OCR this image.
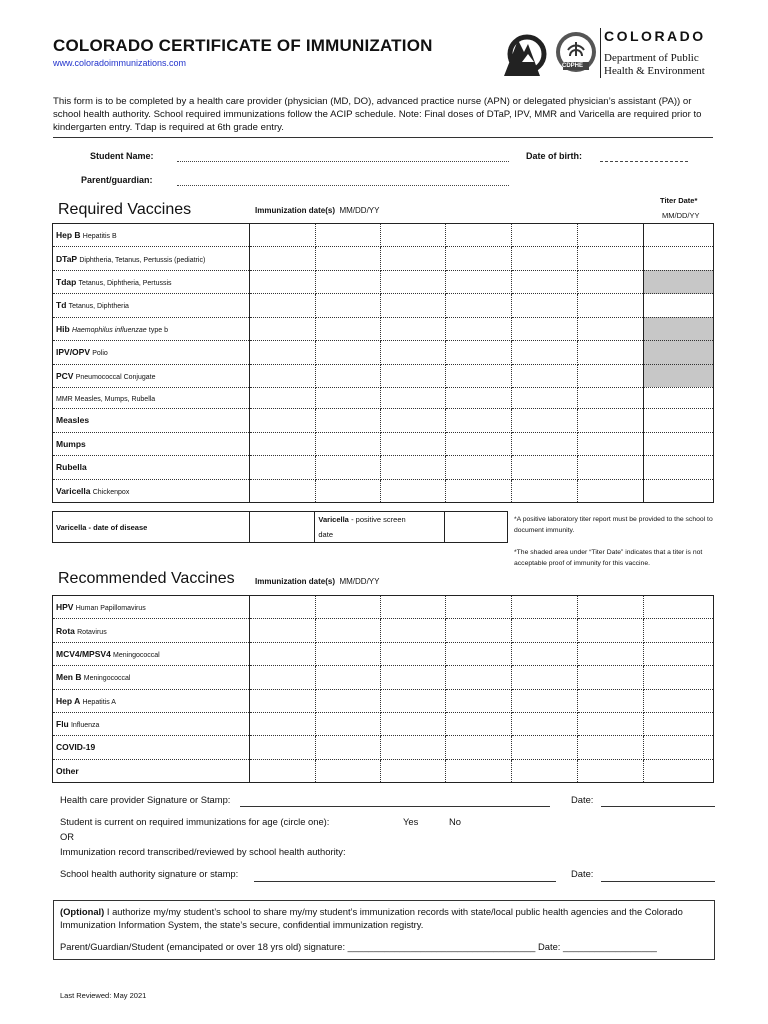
COLORADO CERTIFICATE OF IMMUNIZATION
www.coloradoimmunizations.com	CDPHE
COLORADO
Department of Public
Health & Environment
This form is to be completed by a health care provider (physician (MD, DO), advanced practice nurse (APN) or delegated physician’s assistant (PA)) or school health authority. School required immunizations follow the ACIP schedule. Note: Final doses of DTaP, IPV, MMR and Varicella are required prior to kindergarten entry. Tdap is required at 6th grade entry.
Student Name:	Date of birth:
Parent/guardian:
Required Vaccines	Immunization date(s) MM/DD/YY
Titer Date*
MM/DD/YY
Hep B Hepatitis B							
DTaP Diphtheria, Tetanus, Pertussis (pediatric)							
Tdap Tetanus, Diphtheria, Pertussis							
Td Tetanus, Diphtheria							
Hib Haemophilus influenzae type b							
IPV/OPV Polio							
PCV Pneumococcal Conjugate							
MMR Measles, Mumps, Rubella							
Measles							
Mumps							
Rubella							
Varicella Chickenpox							
Varicella - date of disease		Varicella - positive screen
date	
*A positive laboratory titer report must be provided to the school to document immunity.
*The shaded area under “Titer Date” indicates that a titer is not acceptable proof of immunity for this vaccine.
Recommended Vaccines	Immunization date(s) MM/DD/YY
HPV Human Papillomavirus							
Rota Rotavirus							
MCV4/MPSV4 Meningococcal							
Men B Meningococcal							
Hep A Hepatitis A							
Flu Influenza							
COVID-19							
Other							
Health care provider Signature or Stamp:	Date:
Student is current on required immunizations for age (circle one):	Yes	No
OR
Immunization record transcribed/reviewed by school health authority:
School health authority signature or stamp:	Date:
(Optional) I authorize my/my student’s school to share my/my student’s immunization records with state/local public health agencies and the Colorado Immunization Information System, the state’s secure, confidential immunization registry.
Parent/Guardian/Student (emancipated or over 18 yrs old) signature: ____________________________________ Date: __________________
Last Reviewed: May 2021
